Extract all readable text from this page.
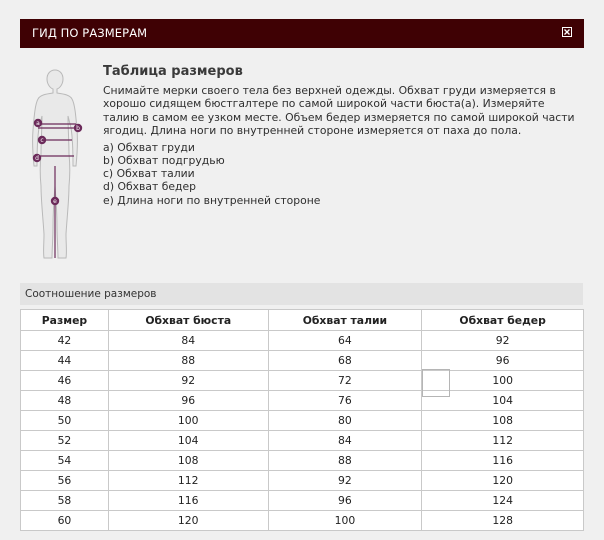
ГИД ПО РАЗМЕРАМ
a
b
c
d
e
Таблица размеров

Снимайте мерки своего тела без верхней одежды. Обхват груди измеряется в хорошо сидящем бюстгалтере по самой широкой части бюста(а). Измеряйте талию в самом ее узком месте. Объем бедер измеряется по самой широкой части ягодиц. Длина ноги по внутренней стороне измеряется от паха до пола.

a) Обхват груди
b) Обхват подгрудью
c) Обхват талии
d) Обхват бедер
e) Длина ноги по внутренней стороне
Соотношение размеров
Размер	Обхват бюста	Обхват талии	Обхват бедер
42	84	64	92
44	88	68	96
46	92	72	100
48	96	76	104
50	100	80	108
52	104	84	112
54	108	88	116
56	112	92	120
58	116	96	124
60	120	100	128
